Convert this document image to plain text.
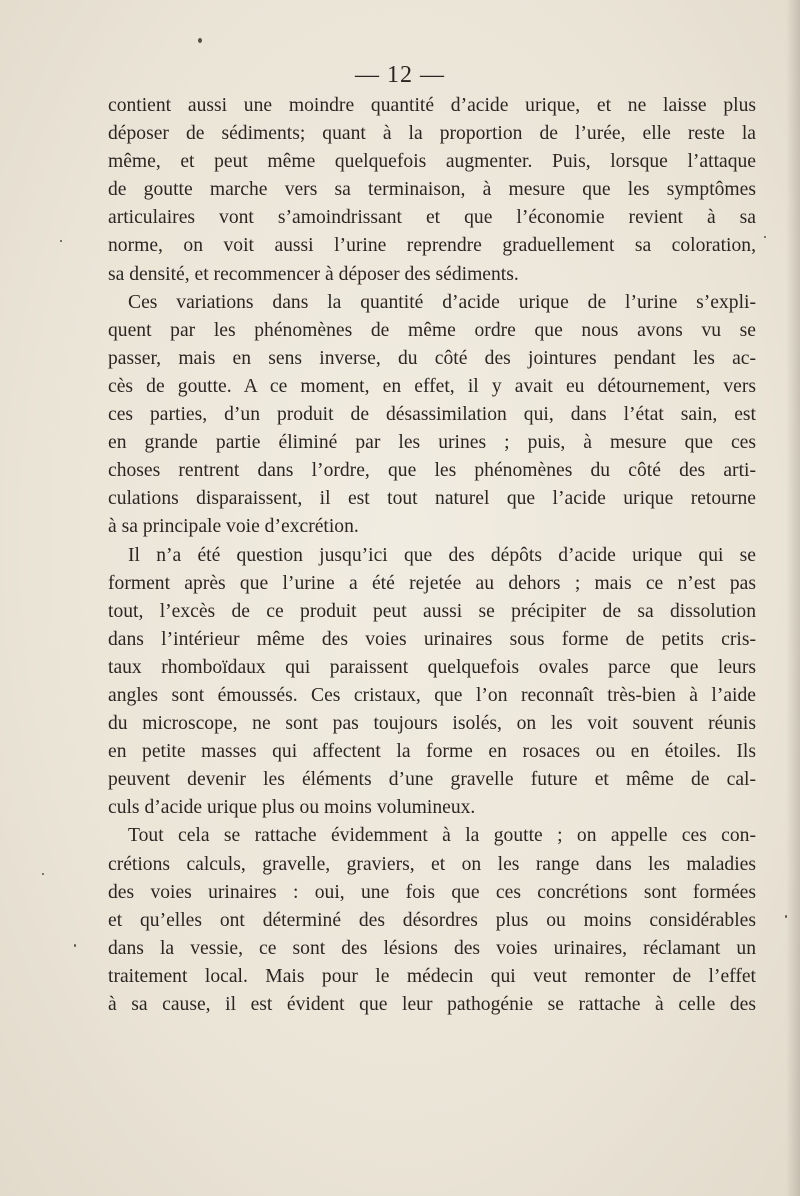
— 12 —
contient aussi une moindre quantité d’acide urique, et ne laisse plus
déposer de sédiments; quant à la proportion de l’urée, elle reste la
même, et peut même quelquefois augmenter. Puis, lorsque l’attaque
de goutte marche vers sa terminaison, à mesure que les symptômes
articulaires vont s’amoindrissant et que l’économie revient à sa
norme, on voit aussi l’urine reprendre graduellement sa coloration,
sa densité, et recommencer à déposer des sédiments.
Ces variations dans la quantité d’acide urique de l’urine s’expli-
quent par les phénomènes de même ordre que nous avons vu se
passer, mais en sens inverse, du côté des jointures pendant les ac-
cès de goutte. A ce moment, en effet, il y avait eu détournement, vers
ces parties, d’un produit de désassimilation qui, dans l’état sain, est
en grande partie éliminé par les urines ; puis, à mesure que ces
choses rentrent dans l’ordre, que les phénomènes du côté des arti-
culations disparaissent, il est tout naturel que l’acide urique retourne
à sa principale voie d’excrétion.
Il n’a été question jusqu’ici que des dépôts d’acide urique qui se
forment après que l’urine a été rejetée au dehors ; mais ce n’est pas
tout, l’excès de ce produit peut aussi se précipiter de sa dissolution
dans l’intérieur même des voies urinaires sous forme de petits cris-
taux rhomboïdaux qui paraissent quelquefois ovales parce que leurs
angles sont émoussés. Ces cristaux, que l’on reconnaît très-bien à l’aide
du microscope, ne sont pas toujours isolés, on les voit souvent réunis
en petite masses qui affectent la forme en rosaces ou en étoiles. Ils
peuvent devenir les éléments d’une gravelle future et même de cal-
culs d’acide urique plus ou moins volumineux.
Tout cela se rattache évidemment à la goutte ; on appelle ces con-
crétions calculs, gravelle, graviers, et on les range dans les maladies
des voies urinaires : oui, une fois que ces concrétions sont formées
et qu’elles ont déterminé des désordres plus ou moins considérables
dans la vessie, ce sont des lésions des voies urinaires, réclamant un
traitement local. Mais pour le médecin qui veut remonter de l’effet
à sa cause, il est évident que leur pathogénie se rattache à celle des
